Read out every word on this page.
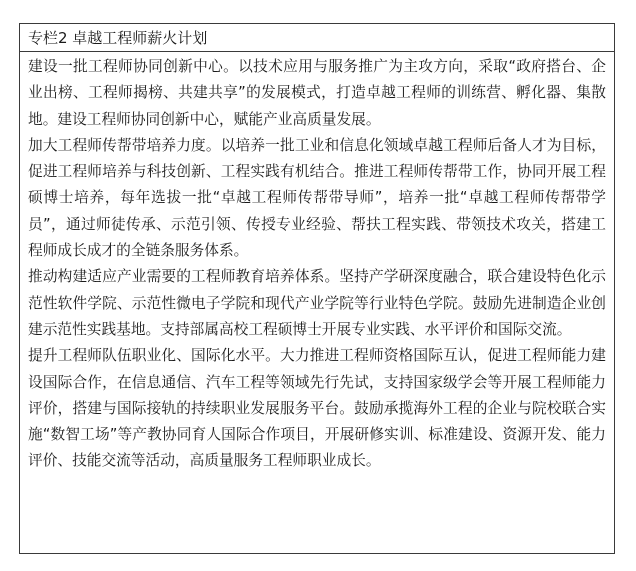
专栏2 卓越工程师薪火计划

建设一批工程师协同创新中心。以技术应用与服务推广为主攻方向，采取“政府搭台、企业出榜、工程师揭榜、共建共享”的发展模式，打造卓越工程师的训练营、孵化器、集散地。建设工程师协同创新中心，赋能产业高质量发展。

加大工程师传帮带培养力度。以培养一批工业和信息化领域卓越工程师后备人才为目标，促进工程师培养与科技创新、工程实践有机结合。推进工程师传帮带工作，协同开展工程硕博士培养，每年选拔一批“卓越工程师传帮带导师”，培养一批“卓越工程师传帮带学员”，通过师徒传承、示范引领、传授专业经验、帮扶工程实践、带领技术攻关，搭建工程师成长成才的全链条服务体系。

推动构建适应产业需要的工程师教育培养体系。坚持产学研深度融合，联合建设特色化示范性软件学院、示范性微电子学院和现代产业学院等行业特色学院。鼓励先进制造企业创建示范性实践基地。支持部属高校工程硕博士开展专业实践、水平评价和国际交流。

提升工程师队伍职业化、国际化水平。大力推进工程师资格国际互认，促进工程师能力建设国际合作，在信息通信、汽车工程等领域先行先试，支持国家级学会等开展工程师能力评价，搭建与国际接轨的持续职业发展服务平台。鼓励承揽海外工程的企业与院校联合实施“数智工场”等产教协同育人国际合作项目，开展研修实训、标准建设、资源开发、能力评价、技能交流等活动，高质量服务工程师职业成长。
